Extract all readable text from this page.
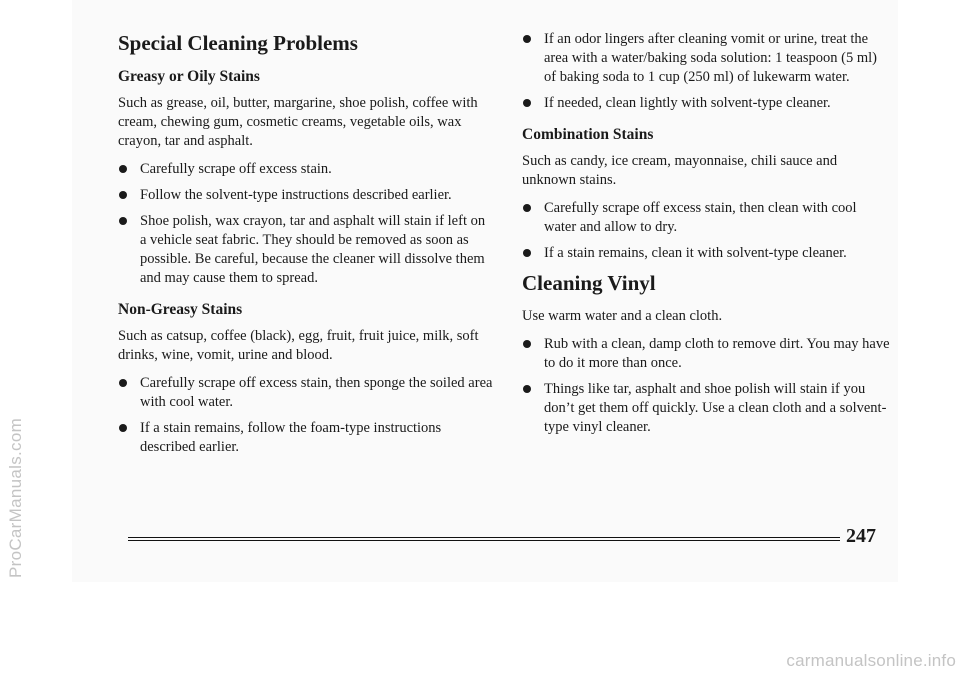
ProCarManuals.com
Special Cleaning Problems
Greasy or Oily Stains

Such as grease, oil, butter, margarine, shoe polish, coffee with cream, chewing gum, cosmetic creams, vegetable oils, wax crayon, tar and asphalt.

Carefully scrape off excess stain.
Follow the solvent-type instructions described earlier.
Shoe polish, wax crayon, tar and asphalt will stain if left on a vehicle seat fabric. They should be removed as soon as possible. Be careful, because the cleaner will dissolve them and may cause them to spread.
Non-Greasy Stains

Such as catsup, coffee (black), egg, fruit, fruit juice, milk, soft drinks, wine, vomit, urine and blood.

Carefully scrape off excess stain, then sponge the soiled area with cool water.
If a stain remains, follow the foam-type instructions described earlier.
If an odor lingers after cleaning vomit or urine, treat the area with a water/baking soda solution: 1 teaspoon (5 ml) of baking soda to 1 cup (250 ml) of lukewarm water.
If needed, clean lightly with solvent-type cleaner.
Combination Stains

Such as candy, ice cream, mayonnaise, chili sauce and unknown stains.

Carefully scrape off excess stain, then clean with cool water and allow to dry.
If a stain remains, clean it with solvent-type cleaner.
Cleaning Vinyl

Use warm water and a clean cloth.

Rub with a clean, damp cloth to remove dirt. You may have to do it more than once.
Things like tar, asphalt and shoe polish will stain if you don’t get them off quickly. Use a clean cloth and a solvent-type vinyl cleaner.
247
carmanualsonline.info
